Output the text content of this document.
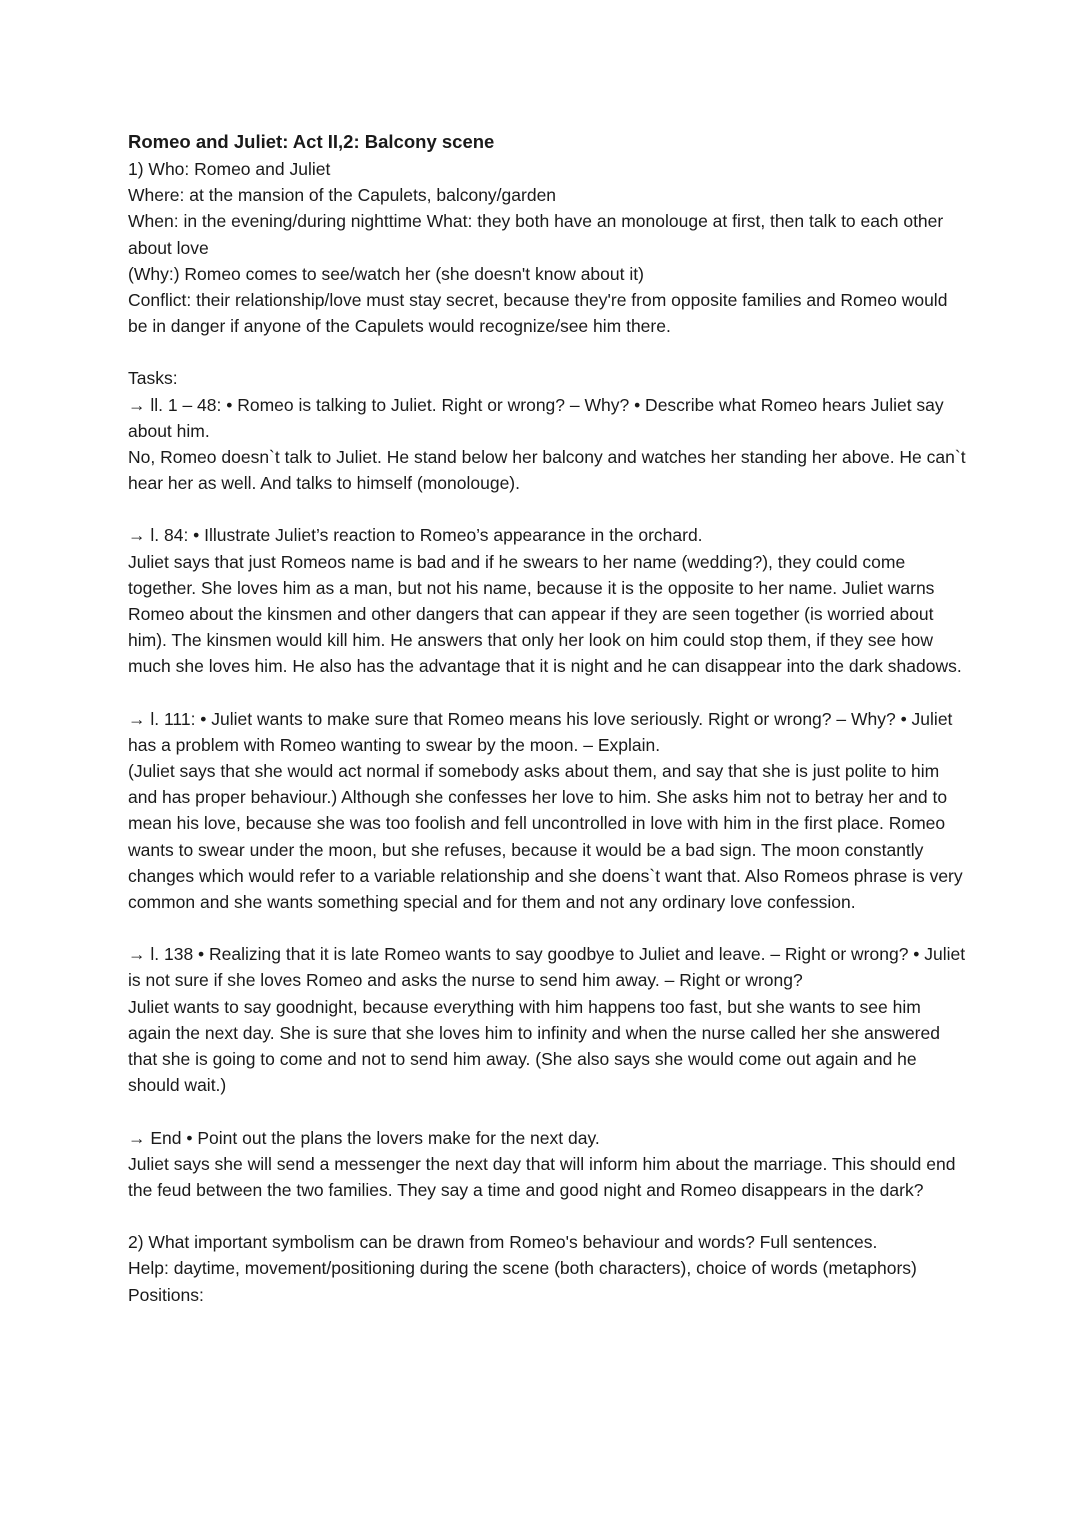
Romeo and Juliet: Act II,2: Balcony scene

1) Who: Romeo and Juliet

Where: at the mansion of the Capulets, balcony/garden

When: in the evening/during nighttime What: they both have an monolouge at first, then talk to each other about love

(Why:) Romeo comes to see/watch her (she doesn't know about it)

Conflict: their relationship/love must stay secret, because they're from opposite families and Romeo would be in danger if anyone of the Capulets would recognize/see him there.

Tasks:

→ ll. 1 – 48: • Romeo is talking to Juliet. Right or wrong? – Why? • Describe what Romeo hears Juliet say about him.

No, Romeo doesn`t talk to Juliet. He stand below her balcony and watches her standing her above. He can`t hear her as well. And talks to himself (monolouge).

→ l. 84: • Illustrate Juliet’s reaction to Romeo’s appearance in the orchard.

Juliet says that just Romeos name is bad and if he swears to her name (wedding?), they could come together. She loves him as a man, but not his name, because it is the opposite to her name. Juliet warns Romeo about the kinsmen and other dangers that can appear if they are seen together (is worried about him). The kinsmen would kill him. He answers that only her look on him could stop them, if they see how much she loves him. He also has the advantage that it is night and he can disappear into the dark shadows.

→ l. 111: • Juliet wants to make sure that Romeo means his love seriously. Right or wrong? – Why? • Juliet has a problem with Romeo wanting to swear by the moon. – Explain.

(Juliet says that she would act normal if somebody asks about them, and say that she is just polite to him and has proper behaviour.) Although she confesses her love to him. She asks him not to betray her and to mean his love, because she was too foolish and fell uncontrolled in love with him in the first place. Romeo wants to swear under the moon, but she refuses, because it would be a bad sign. The moon constantly changes which would refer to a variable relationship and she doens`t want that. Also Romeos phrase is very common and she wants something special and for them and not any ordinary love confession.

→ l. 138 • Realizing that it is late Romeo wants to say goodbye to Juliet and leave. – Right or wrong? • Juliet is not sure if she loves Romeo and asks the nurse to send him away. – Right or wrong?

Juliet wants to say goodnight, because everything with him happens too fast, but she wants to see him again the next day. She is sure that she loves him to infinity and when the nurse called her she answered that she is going to come and not to send him away. (She also says she would come out again and he should wait.)

→ End • Point out the plans the lovers make for the next day.

Juliet says she will send a messenger the next day that will inform him about the marriage. This should end the feud between the two families. They say a time and good night and Romeo disappears in the dark?

2) What important symbolism can be drawn from Romeo's behaviour and words? Full sentences.

Help: daytime, movement/positioning during the scene (both characters), choice of words (metaphors) Positions:
